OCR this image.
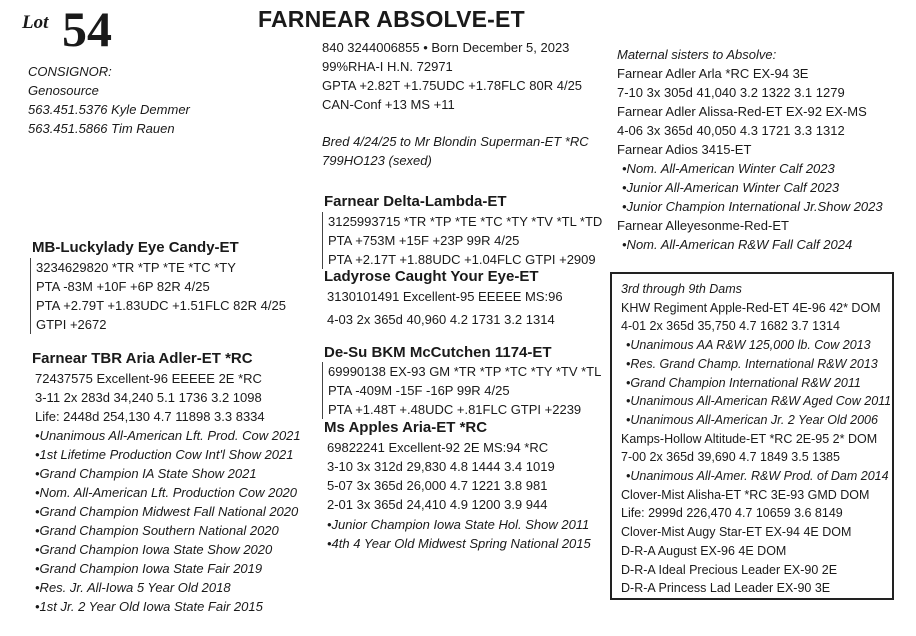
Lot 54	FARNEAR ABSOLVE-ET
CONSIGNOR:
Genosource
563.451.5376 Kyle Demmer
563.451.5866 Tim Rauen
840 3244006855 • Born December 5, 2023
99%RHA-I H.N. 72971
GPTA +2.82T +1.75UDC +1.78FLC 80R 4/25
CAN-Conf +13 MS +11
Bred 4/24/25 to Mr Blondin Superman-ET *RC
799HO123 (sexed)
Farnear Delta-Lambda-ET
3125993715 *TR *TP *TE *TC *TY *TV *TL *TD
PTA +753M +15F +23P 99R 4/25
PTA +2.17T +1.88UDC +1.04FLC GTPI +2909
Ladyrose Caught Your Eye-ET
3130101491 Excellent-95 EEEEE MS:96
4-03 2x 365d 40,960 4.2 1731 3.2 1314
MB-Luckylady Eye Candy-ET
3234629820 *TR *TP *TE *TC *TY
PTA -83M +10F +6P 82R 4/25
PTA +2.79T +1.83UDC +1.51FLC 82R 4/25
GTPI +2672
Farnear TBR Aria Adler-ET *RC
72437575 Excellent-96 EEEEE 2E *RC
3-11 2x 283d 34,240 5.1 1736 3.2 1098
Life: 2448d 254,130 4.7 11898 3.3 8334
•Unanimous All-American Lft. Prod. Cow 2021
•1st Lifetime Production Cow Int'l Show 2021
•Grand Champion IA State Show 2021
•Nom. All-American Lft. Production Cow 2020
•Grand Champion Midwest Fall National 2020
•Grand Champion Southern National 2020
•Grand Champion Iowa State Show 2020
•Grand Champion Iowa State Fair 2019
•Res. Jr. All-Iowa 5 Year Old 2018
•1st Jr. 2 Year Old Iowa State Fair 2015
De-Su BKM McCutchen 1174-ET
69990138 EX-93 GM *TR *TP *TC *TY *TV *TL
PTA -409M -15F -16P 99R 4/25
PTA +1.48T +.48UDC +.81FLC GTPI +2239
Ms Apples Aria-ET *RC
69822241 Excellent-92 2E MS:94 *RC
3-10 3x 312d 29,830 4.8 1444 3.4 1019
5-07 3x 365d 26,000 4.7 1221 3.8 981
2-01 3x 365d 24,410 4.9 1200 3.9 944
•Junior Champion Iowa State Hol. Show 2011
•4th 4 Year Old Midwest Spring National 2015
Maternal sisters to Absolve:
Farnear Adler Arla *RC EX-94 3E
7-10 3x 305d 41,040 3.2 1322 3.1 1279
Farnear Adler Alissa-Red-ET EX-92 EX-MS
4-06 3x 365d 40,050 4.3 1721 3.3 1312
Farnear Adios 3415-ET
•Nom. All-American Winter Calf 2023
•Junior All-American Winter Calf 2023
•Junior Champion International Jr.Show 2023
Farnear Alleyesonme-Red-ET
•Nom. All-American R&W Fall Calf 2024
3rd through 9th Dams
KHW Regiment Apple-Red-ET 4E-96 42* DOM
4-01 2x 365d 35,750 4.7 1682 3.7 1314
•Unanimous AA R&W 125,000 lb. Cow 2013
•Res. Grand Champ. International R&W 2013
•Grand Champion International R&W 2011
•Unanimous All-American R&W Aged Cow 2011
•Unanimous All-American Jr. 2 Year Old 2006
Kamps-Hollow Altitude-ET *RC 2E-95 2* DOM
7-00 2x 365d 39,690 4.7 1849 3.5 1385
•Unanimous All-Amer. R&W Prod. of Dam 2014
Clover-Mist Alisha-ET *RC 3E-93 GMD DOM
Life: 2999d 226,470 4.7 10659 3.6 8149
Clover-Mist Augy Star-ET EX-94 4E DOM
D-R-A August EX-96 4E DOM
D-R-A Ideal Precious Leader EX-90 2E
D-R-A Princess Lad Leader EX-90 3E
